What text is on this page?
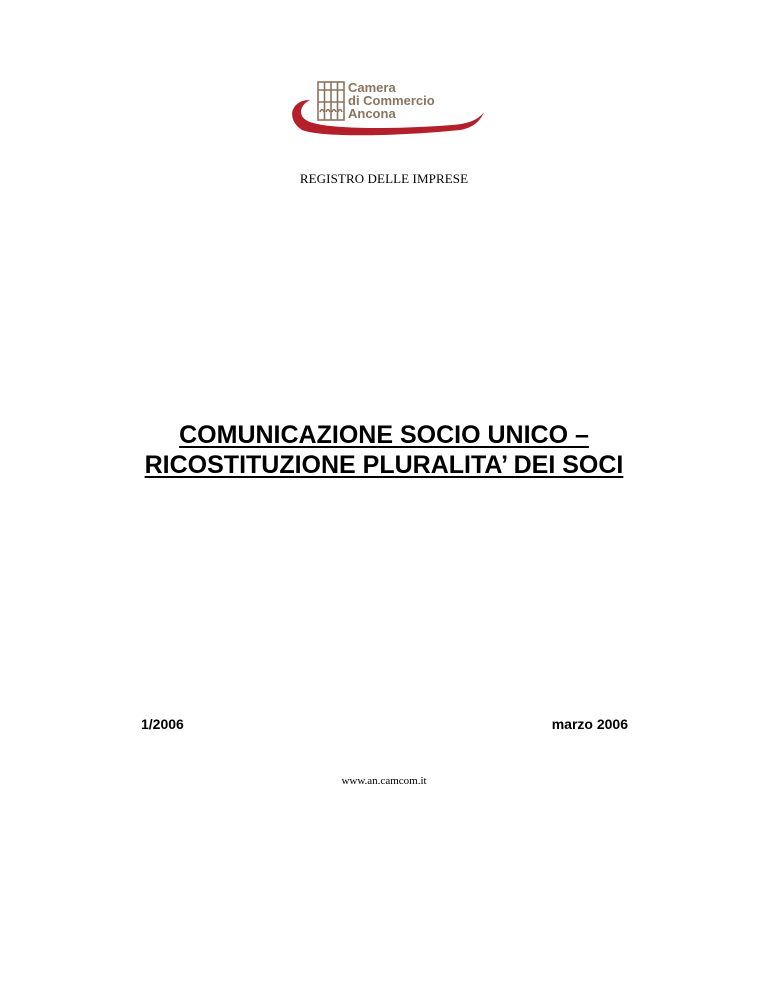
Camera
di Commercio
Ancona
REGISTRO DELLE IMPRESE
COMUNICAZIONE SOCIO UNICO –
RICOSTITUZIONE PLURALITA’ DEI SOCI
1/2006	marzo 2006
www.an.camcom.it
